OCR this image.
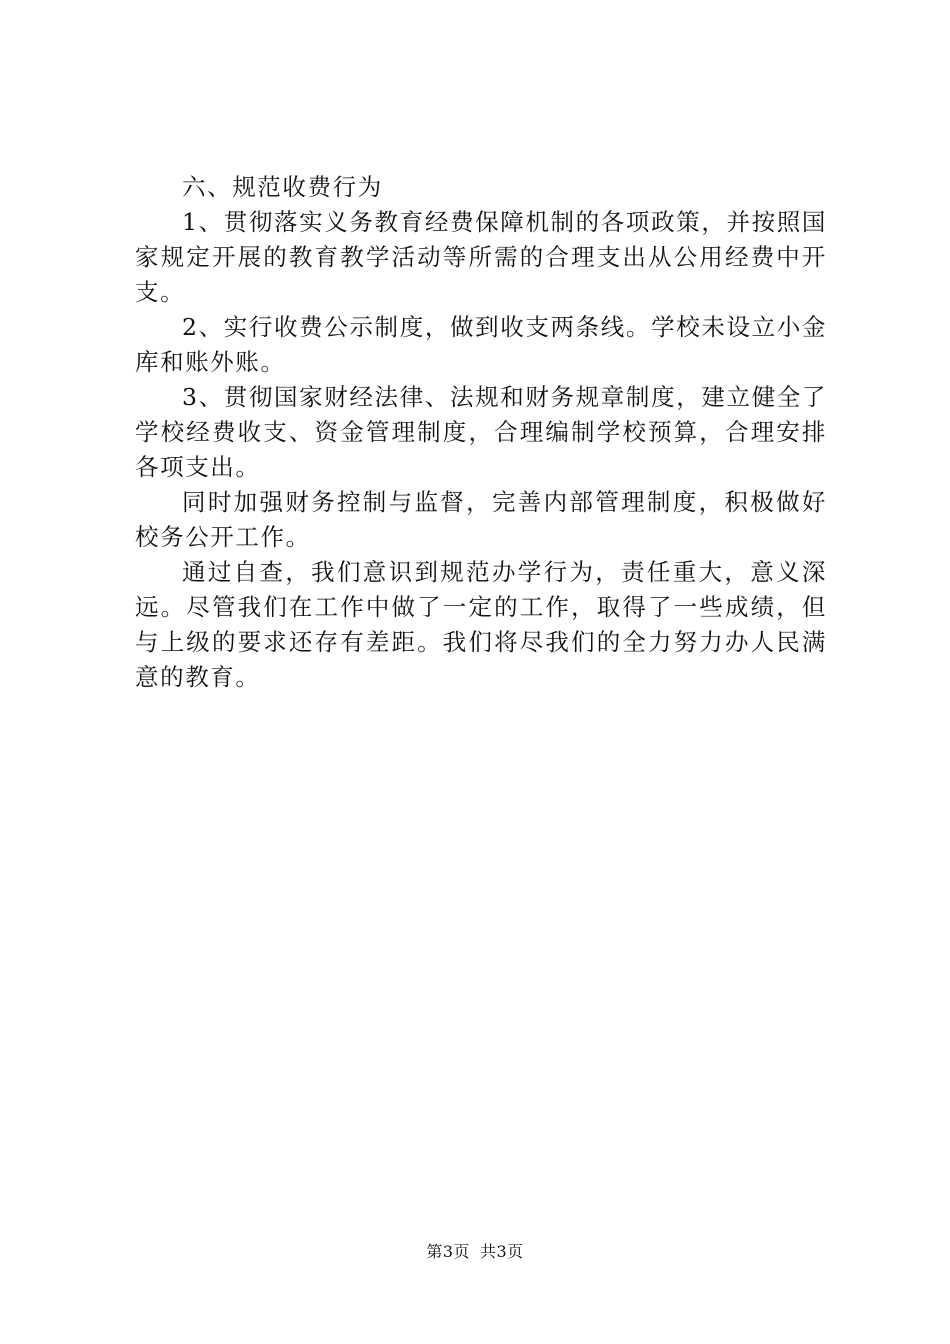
六、规范收费行为

1、贯彻落实义务教育经费保障机制的各项政策，并按照国家规定开展的教育教学活动等所需的合理支出从公用经费中开支。

2、实行收费公示制度，做到收支两条线。学校未设立小金库和账外账。

3、贯彻国家财经法律、法规和财务规章制度，建立健全了学校经费收支、资金管理制度，合理编制学校预算，合理安排各项支出。

同时加强财务控制与监督，完善内部管理制度，积极做好校务公开工作。

通过自查，我们意识到规范办学行为，责任重大，意义深远。尽管我们在工作中做了一定的工作，取得了一些成绩，但与上级的要求还存有差距。我们将尽我们的全力努力办人民满意的教育。

第3页 共3页
